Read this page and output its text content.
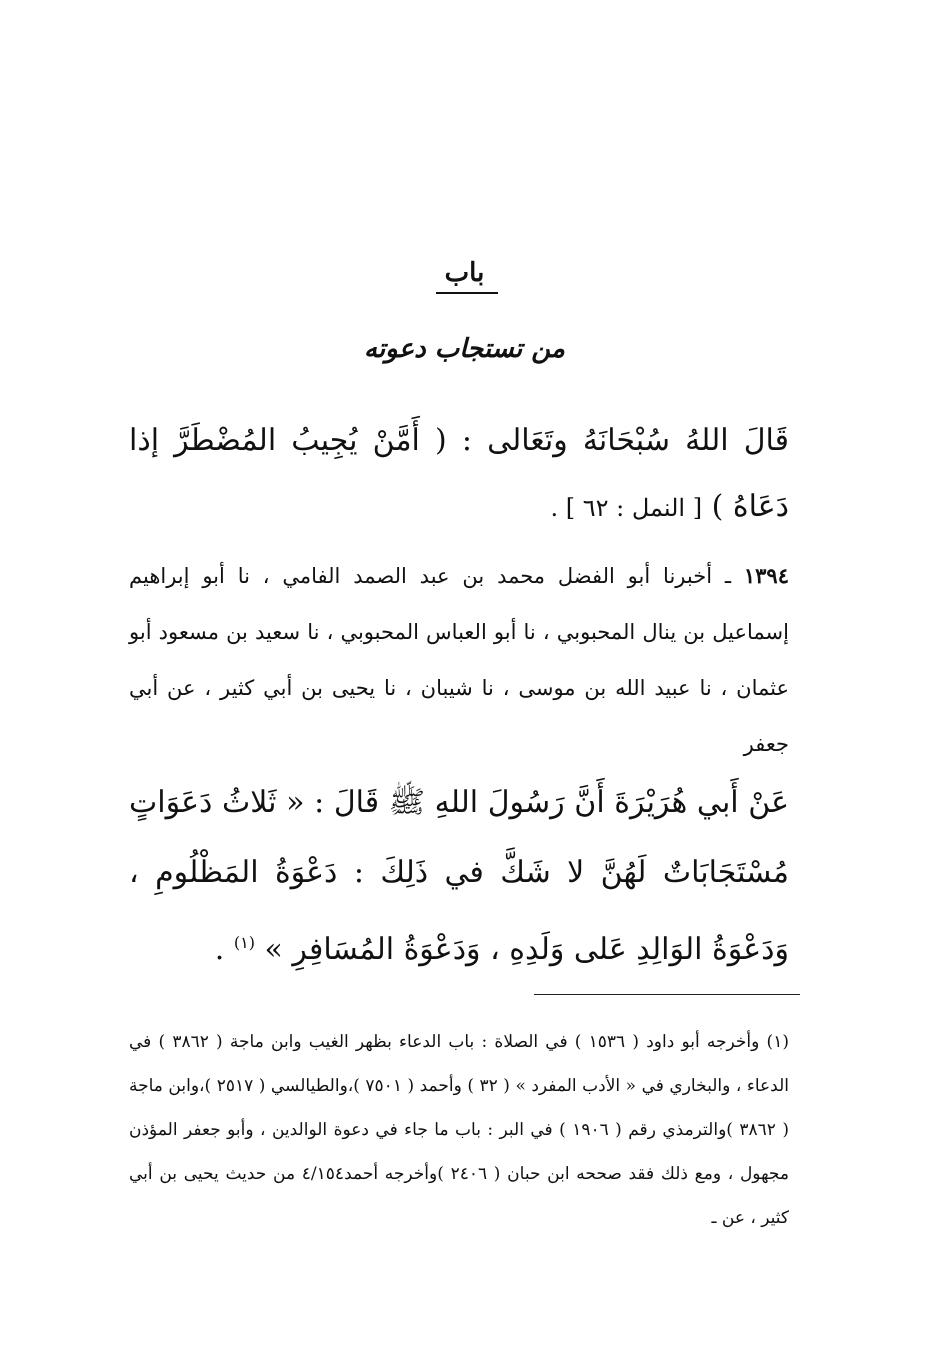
باب
من تستجاب دعوته
قَالَ اللهُ سُبْحَانَهُ وتَعَالى : ( أَمَّنْ يُجِيبُ المُضْطَرَّ إذا دَعَاهُ ) [ النمل : ٦٢ ] .
١٣٩٤ ـ أخبرنا أبو الفضل محمد بن عبد الصمد الفامي ، نا أبو إبراهيم إسماعيل بن ينال المحبوبي ، نا أبو العباس المحبوبي ، نا سعيد بن مسعود أبو عثمان ، نا عبيد الله بن موسى ، نا شيبان ، نا يحيى بن أبي كثير ، عن أبي جعفر
عَنْ أَبي هُرَيْرَةَ أَنَّ رَسُولَ اللهِ ﷺ قَالَ : « ثَلاثُ دَعَوَاتٍ مُسْتَجَابَاتٌ لَهُنَّ لا شَكَّ في ذَلِكَ : دَعْوَةُ المَظْلُومِ ، وَدَعْوَةُ الوَالِدِ عَلى وَلَدِهِ ، وَدَعْوَةُ المُسَافِرِ » $^{(١)}$ .
(١) وأخرجه أبو داود ( ١٥٣٦ ) في الصلاة : باب الدعاء بظهر الغيب وابن ماجة ( ٣٨٦٢ ) في الدعاء ، والبخاري في « الأدب المفرد » ( ٣٢ ) وأحمد ( ٧٥٠١ )،والطيالسي ( ٢٥١٧ )،وابن ماجة ( ٣٨٦٢ )والترمذي رقم ( ١٩٠٦ ) في البر : باب ما جاء في دعوة الوالدين ، وأبو جعفر المؤذن مجهول ، ومع ذلك فقد صححه ابن حبان ( ٢٤٠٦ )وأخرجه أحمد٤/١٥٤ من حديث يحيى بن أبي كثير ، عن ـ
